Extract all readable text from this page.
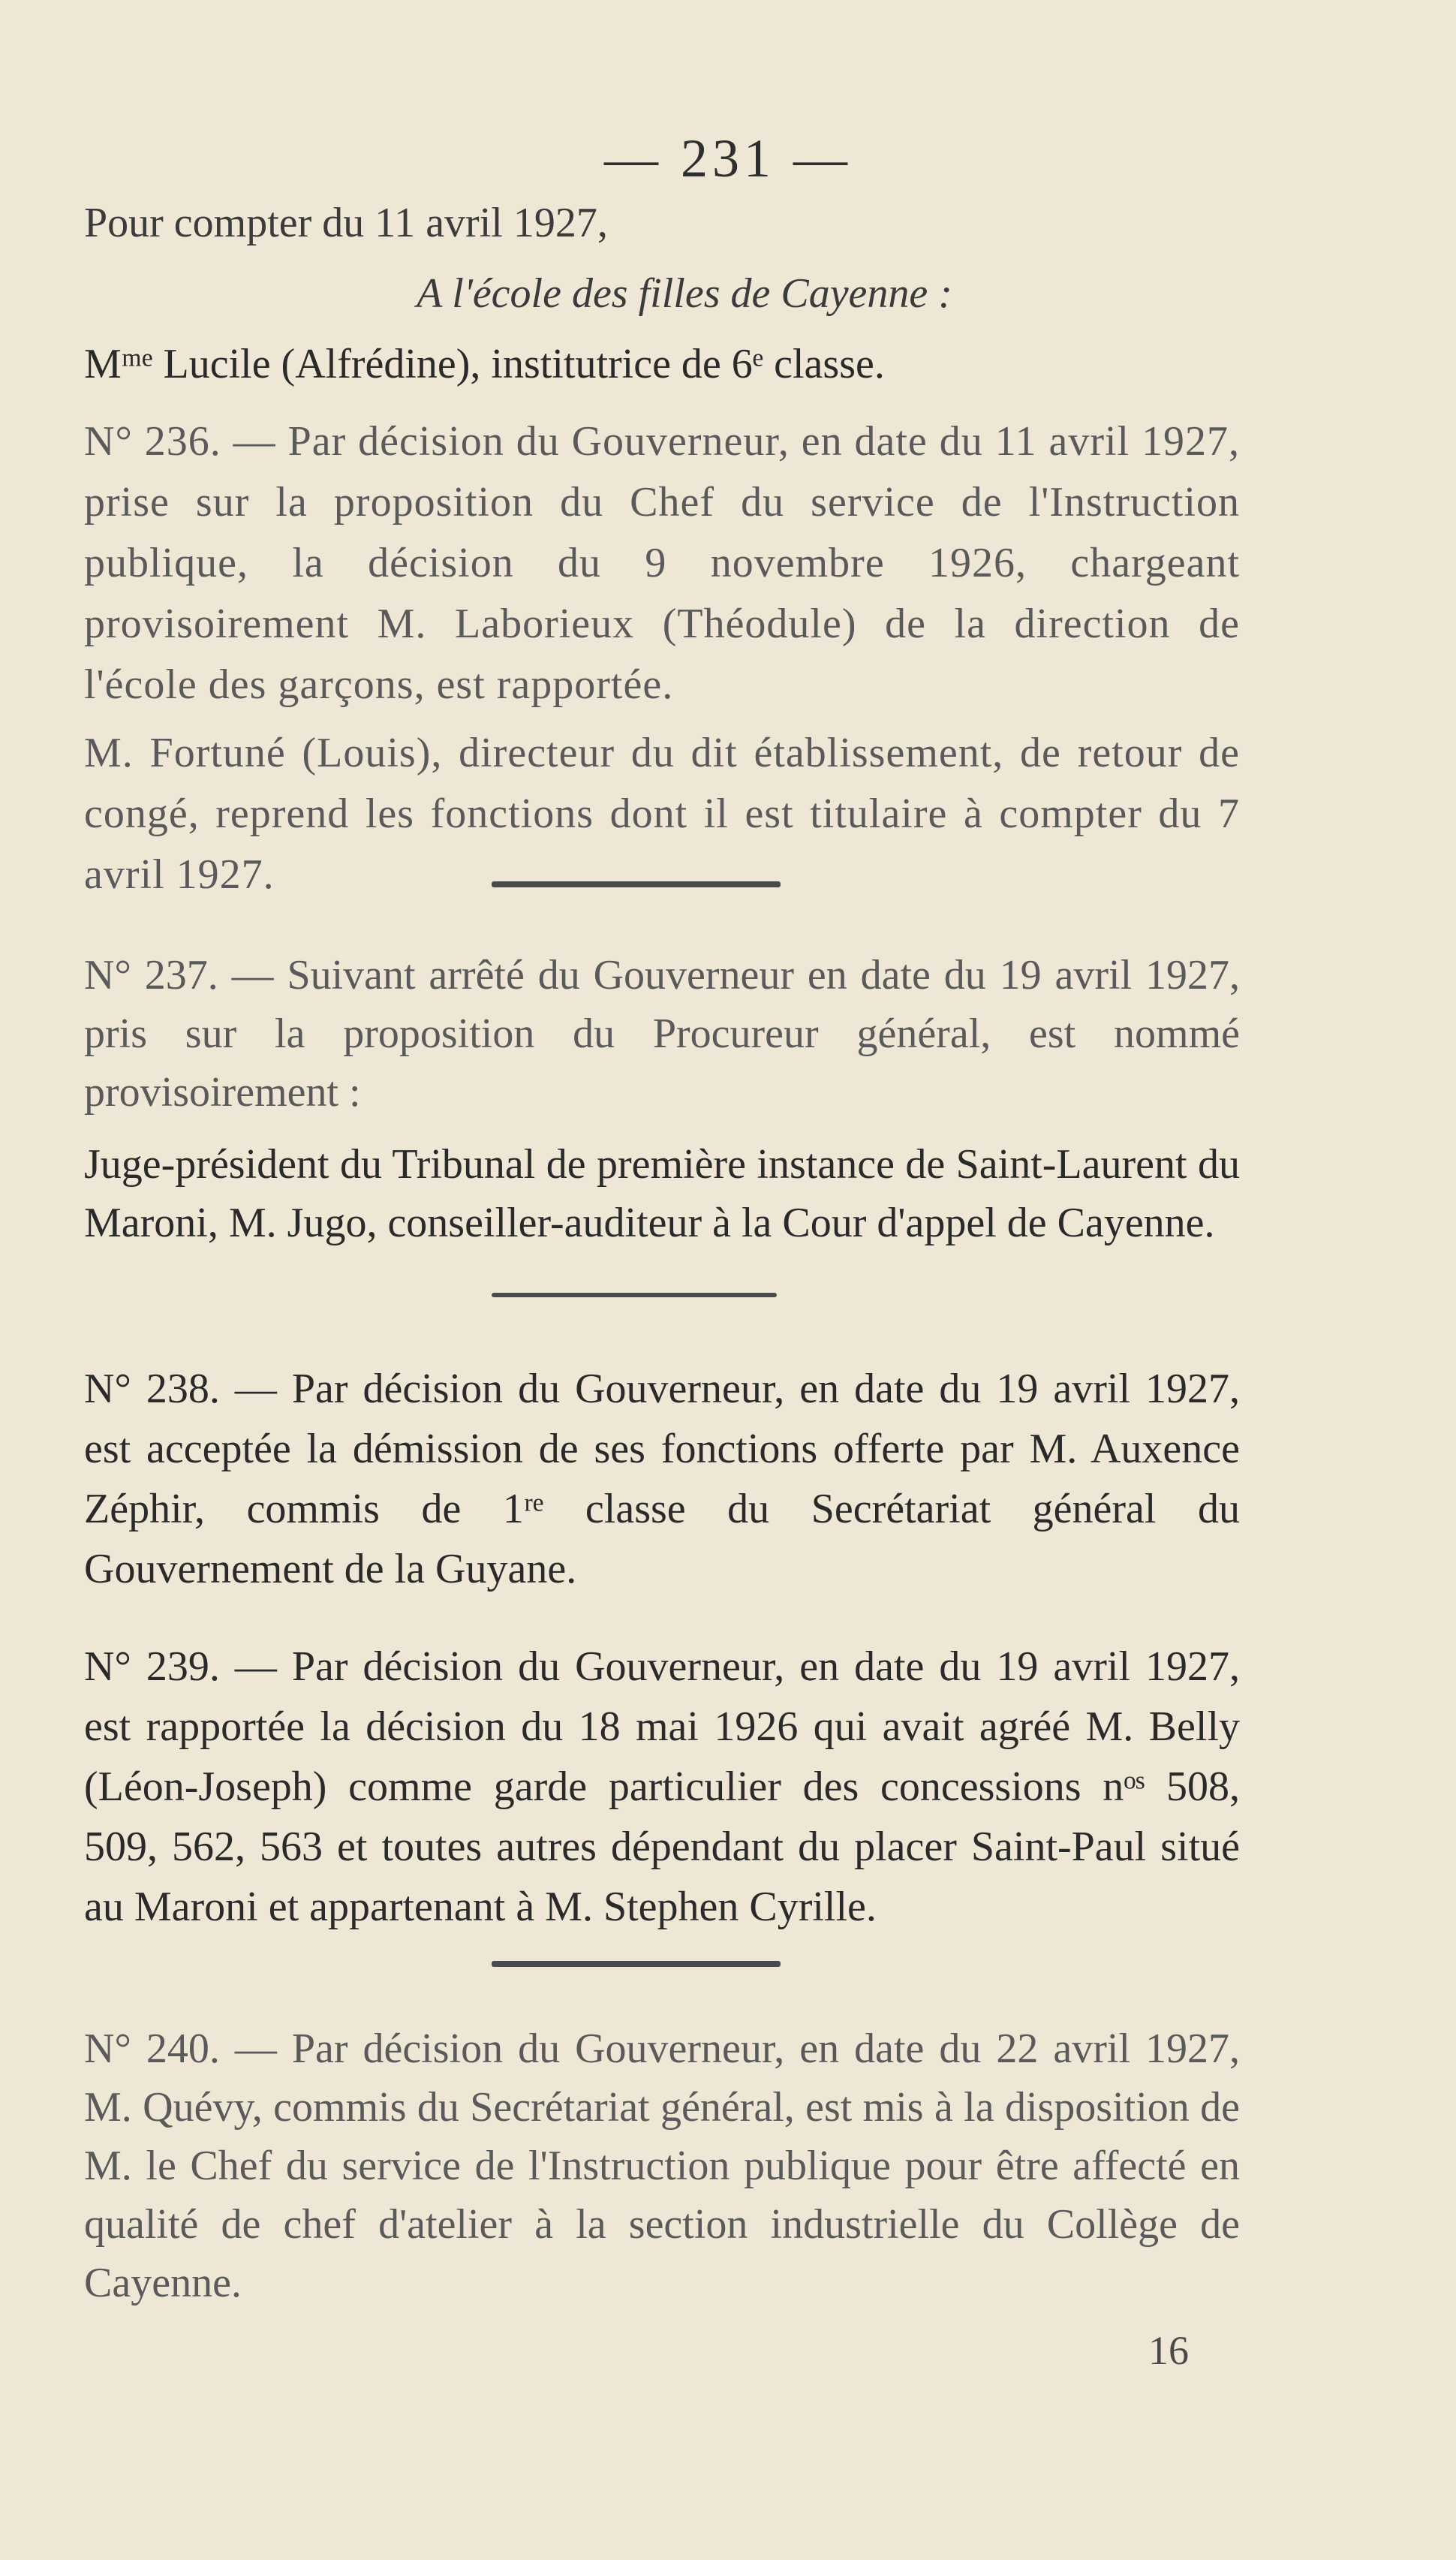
— 231 —

Pour compter du 11 avril 1927,

A l'école des filles de Cayenne :

Mᵐᵉ Lucile (Alfrédine), institutrice de 6ᵉ classe.

N° 236. — Par décision du Gouverneur, en date du 11 avril 1927, prise sur la proposition du Chef du service de l'Instruction publique, la décision du 9 novembre 1926, chargeant provisoirement M. Laborieux (Théodule) de la direction de l'école des garçons, est rapportée.

M. Fortuné (Louis), directeur du dit établissement, de retour de congé, reprend les fonctions dont il est titulaire à compter du 7 avril 1927.

N° 237. — Suivant arrêté du Gouverneur en date du 19 avril 1927, pris sur la proposition du Procureur général, est nommé provisoirement :

Juge-président du Tribunal de première instance de Saint-Laurent du Maroni, M. Jugo, conseiller-auditeur à la Cour d'appel de Cayenne.

N° 238. — Par décision du Gouverneur, en date du 19 avril 1927, est acceptée la démission de ses fonctions offerte par M. Auxence Zéphir, commis de 1ʳᵉ classe du Secrétariat général du Gouvernement de la Guyane.

N° 239. — Par décision du Gouverneur, en date du 19 avril 1927, est rapportée la décision du 18 mai 1926 qui avait agréé M. Belly (Léon-Joseph) comme garde particulier des concessions nᵒˢ 508, 509, 562, 563 et toutes autres dépendant du placer Saint-Paul situé au Maroni et appartenant à M. Stephen Cyrille.

N° 240. — Par décision du Gouverneur, en date du 22 avril 1927, M. Quévy, commis du Secrétariat général, est mis à la disposition de M. le Chef du service de l'Instruction publique pour être affecté en qualité de chef d'atelier à la section industrielle du Collège de Cayenne.

16
